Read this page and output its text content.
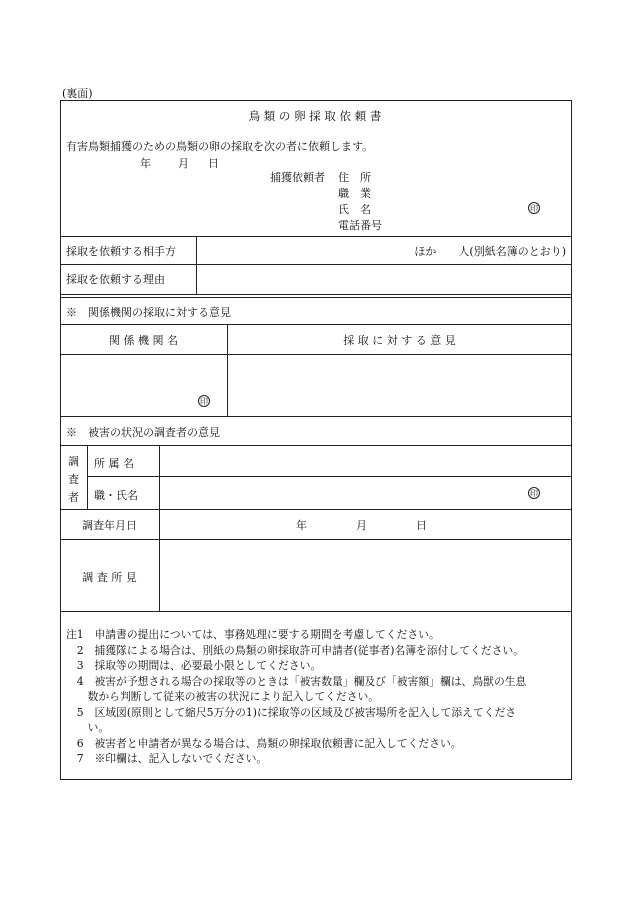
(裏面)
鳥 類 の 卵 採 取 依 頼 書
有害鳥類捕獲のための鳥類の卵の採取を次の者に依頼します。
年 月 日
捕獲依頼者 住　所
職　業
氏　名	印
電話番号
採取を依頼する相手方	ほか　　人(別紙名簿のとおり)
採取を依頼する理由
※　関係機関の採取に対する意見
関 係 機 関 名	採 取 に 対 す る 意 見
印
※　被害の状況の調査者の意見
調
査
者
所 属 名
職・氏名	印
調査年月日	年	月	日
調 査 所 見
注1　申請書の提出については、事務処理に要する期間を考慮してください。
　2　捕獲隊による場合は、別紙の鳥類の卵採取許可申請者(従事者)名簿を添付してください。
　3　採取等の期間は、必要最小限としてください。
　4　被害が予想される場合の採取等のときは「被害数量」欄及び「被害額」欄は、鳥獣の生息
　　数から判断して従来の被害の状況により記入してください。
　5　区域図(原則として縮尺5万分の1)に採取等の区域及び被害場所を記入して添えてくださ
　　い。
　6　被害者と申請者が異なる場合は、鳥類の卵採取依頼書に記入してください。
　7　※印欄は、記入しないでください。
